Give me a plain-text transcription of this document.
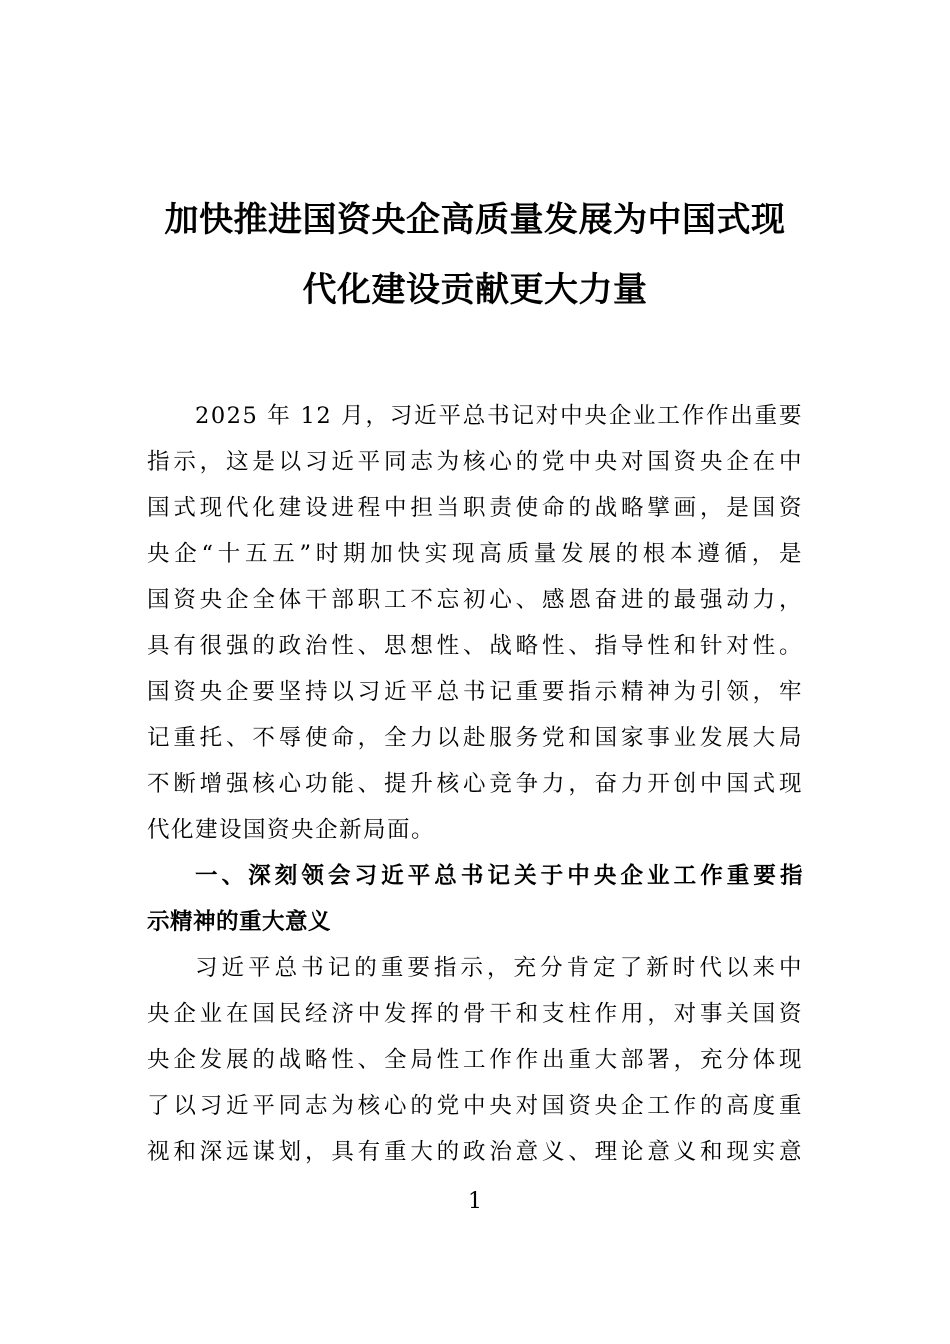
加快推进国资央企高质量发展为中国式现
代化建设贡献更大力量
2025 年 12 月，习近平总书记对中央企业工作作出重要
指示，这是以习近平同志为核心的党中央对国资央企在中
国式现代化建设进程中担当职责使命的战略擘画，是国资
央企“十五五”时期加快实现高质量发展的根本遵循，是
国资央企全体干部职工不忘初心、感恩奋进的最强动力，
具有很强的政治性、思想性、战略性、指导性和针对性。
国资央企要坚持以习近平总书记重要指示精神为引领，牢
记重托、不辱使命，全力以赴服务党和国家事业发展大局
不断增强核心功能、提升核心竞争力，奋力开创中国式现
代化建设国资央企新局面。
一、深刻领会习近平总书记关于中央企业工作重要指
示精神的重大意义
习近平总书记的重要指示，充分肯定了新时代以来中
央企业在国民经济中发挥的骨干和支柱作用，对事关国资
央企发展的战略性、全局性工作作出重大部署，充分体现
了以习近平同志为核心的党中央对国资央企工作的高度重
视和深远谋划，具有重大的政治意义、理论意义和现实意
1
